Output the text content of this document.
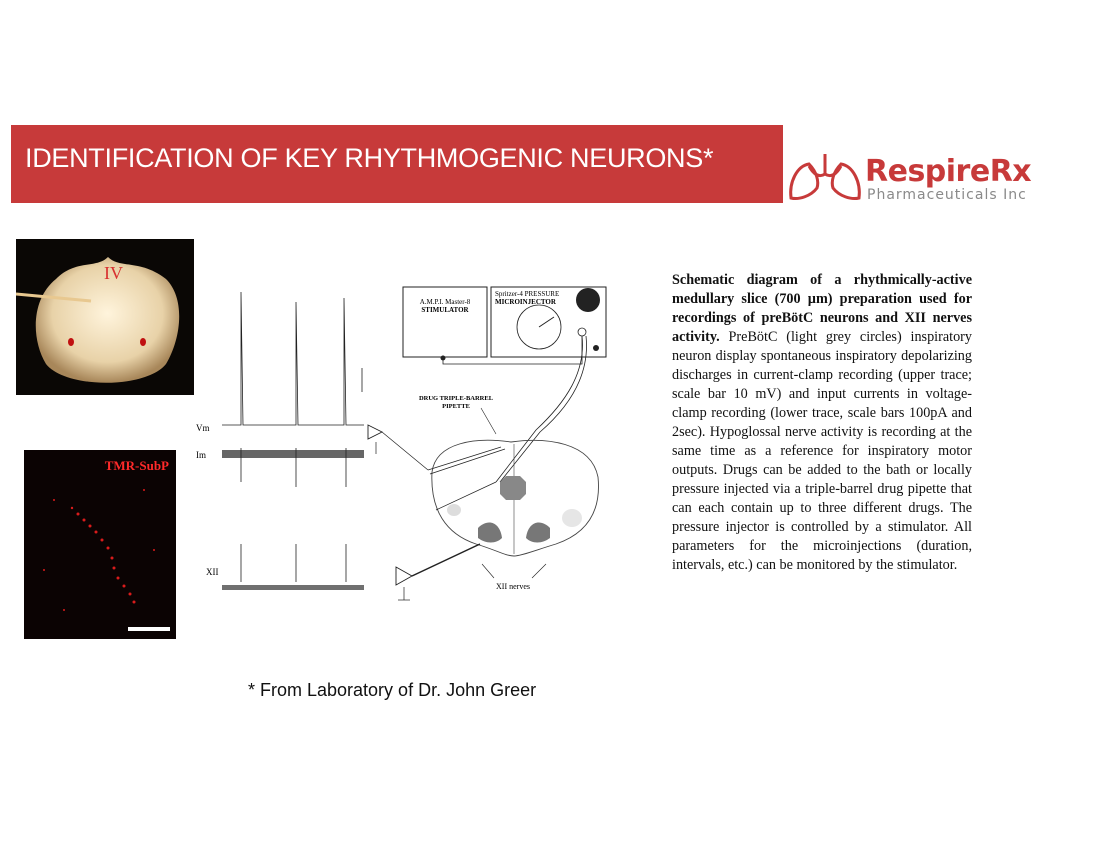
IDENTIFICATION OF KEY RHYTHMOGENIC NEURONS*	RespireRx
Pharmaceuticals Inc
IV
TMR-SubP
Vm
Im
XII
A.M.P.I. Master-8
STIMULATOR
Spritzer-4 PRESSURE
MICROINJECTOR
DRUG TRIPLE-BARREL
PIPETTE
XII nerves
Schematic diagram of a rhythmically-active medullary slice (700 µm) preparation used for recordings of preBötC neurons and XII nerves activity. PreBötC (light grey circles) inspiratory neuron display spontaneous inspiratory depolarizing discharges in current-clamp recording (upper trace; scale bar 10 mV) and input currents in voltage-clamp recording (lower trace, scale bars 100pA and 2sec). Hypoglossal nerve activity is recording at the same time as a reference for inspiratory motor outputs. Drugs can be added to the bath or locally pressure injected via a triple-barrel drug pipette that can each contain up to three different drugs. The pressure injector is controlled by a stimulator. All parameters for the microinjections (duration, intervals, etc.) can be monitored by the stimulator.
* From Laboratory of Dr. John Greer
